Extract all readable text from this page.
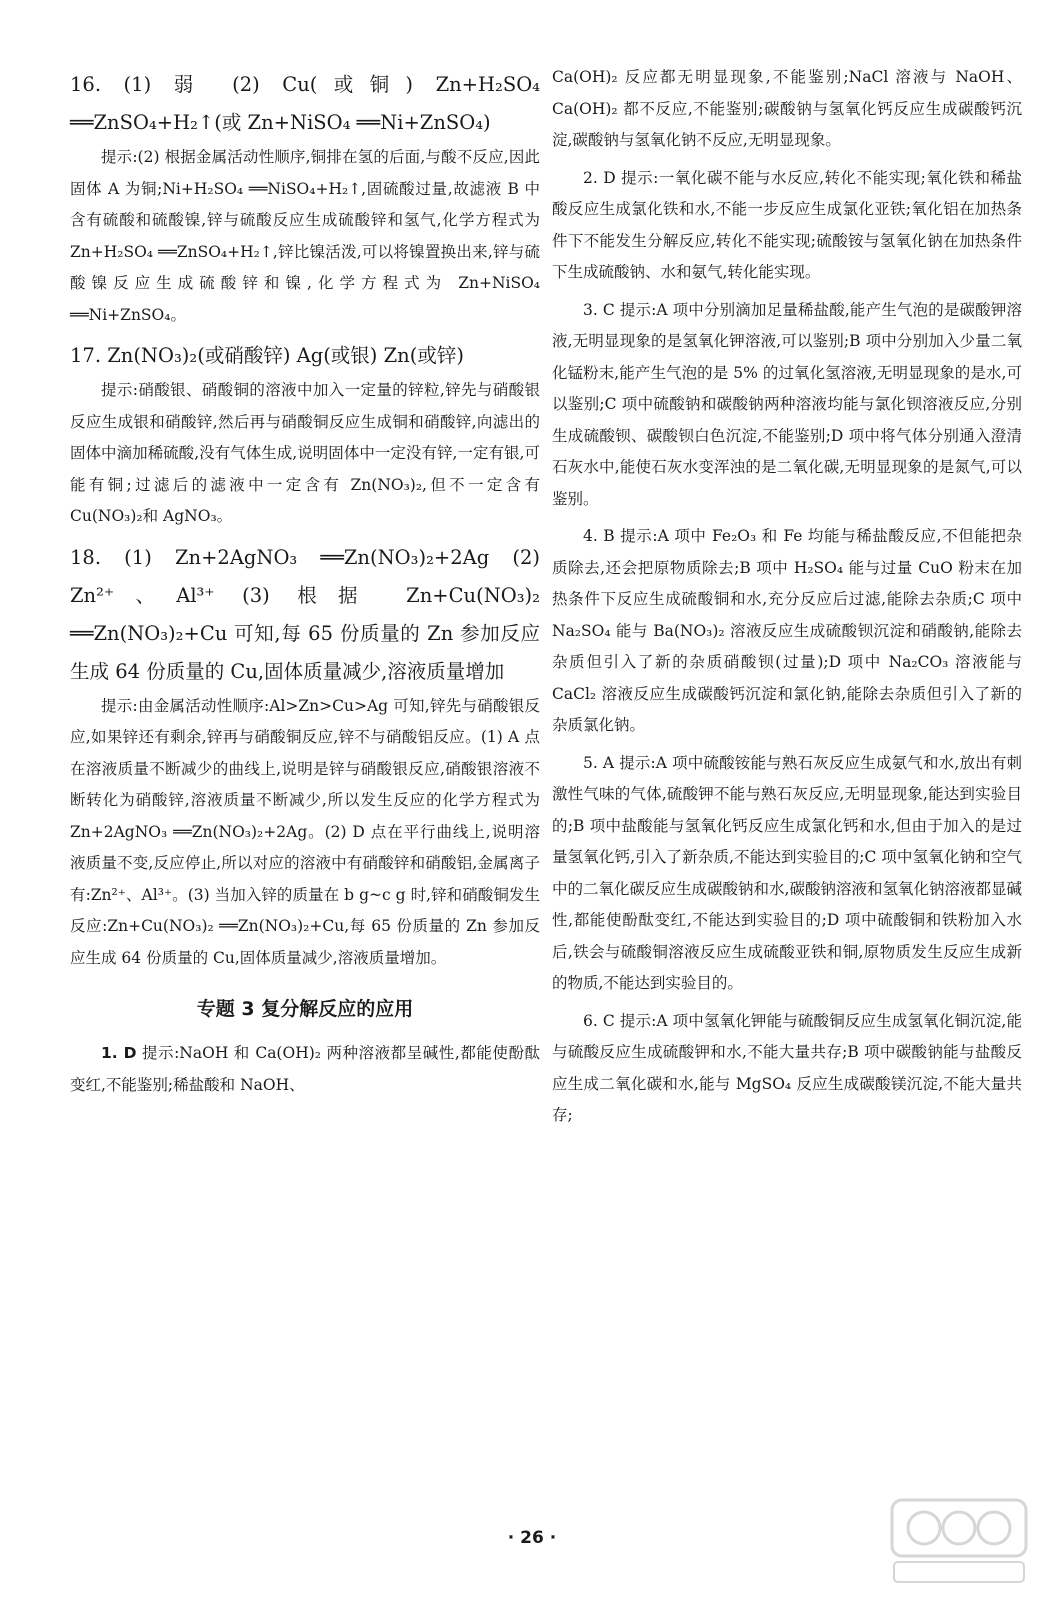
16. (1) 弱 (2) Cu(或铜) Zn+H₂SO₄ ══ZnSO₄+H₂↑(或 Zn+NiSO₄ ══Ni+ZnSO₄)

提示:(2) 根据金属活动性顺序,铜排在氢的后面,与酸不反应,因此固体 A 为铜;Ni+H₂SO₄ ══NiSO₄+H₂↑,固硫酸过量,故滤液 B 中含有硫酸和硫酸镍,锌与硫酸反应生成硫酸锌和氢气,化学方程式为 Zn+H₂SO₄ ══ZnSO₄+H₂↑,锌比镍活泼,可以将镍置换出来,锌与硫酸镍反应生成硫酸锌和镍,化学方程式为 Zn+NiSO₄ ══Ni+ZnSO₄。

17. Zn(NO₃)₂(或硝酸锌) Ag(或银) Zn(或锌)

提示:硝酸银、硝酸铜的溶液中加入一定量的锌粒,锌先与硝酸银反应生成银和硝酸锌,然后再与硝酸铜反应生成铜和硝酸锌,向滤出的固体中滴加稀硫酸,没有气体生成,说明固体中一定没有锌,一定有银,可能有铜;过滤后的滤液中一定含有 Zn(NO₃)₂,但不一定含有 Cu(NO₃)₂和 AgNO₃。

18. (1) Zn+2AgNO₃ ══Zn(NO₃)₂+2Ag (2) Zn²⁺、Al³⁺ (3) 根据 Zn+Cu(NO₃)₂ ══Zn(NO₃)₂+Cu 可知,每 65 份质量的 Zn 参加反应生成 64 份质量的 Cu,固体质量减少,溶液质量增加

提示:由金属活动性顺序:Al>Zn>Cu>Ag 可知,锌先与硝酸银反应,如果锌还有剩余,锌再与硝酸铜反应,锌不与硝酸铝反应。(1) A 点在溶液质量不断减少的曲线上,说明是锌与硝酸银反应,硝酸银溶液不断转化为硝酸锌,溶液质量不断减少,所以发生反应的化学方程式为 Zn+2AgNO₃ ══Zn(NO₃)₂+2Ag。(2) D 点在平行曲线上,说明溶液质量不变,反应停止,所以对应的溶液中有硝酸锌和硝酸铝,金属离子有:Zn²⁺、Al³⁺。(3) 当加入锌的质量在 b g~c g 时,锌和硝酸铜发生反应:Zn+Cu(NO₃)₂ ══Zn(NO₃)₂+Cu,每 65 份质量的 Zn 参加反应生成 64 份质量的 Cu,固体质量减少,溶液质量增加。

专题 3 复分解反应的应用

1. D 提示:NaOH 和 Ca(OH)₂ 两种溶液都呈碱性,都能使酚酞变红,不能鉴别;稀盐酸和 NaOH、

Ca(OH)₂ 反应都无明显现象,不能鉴别;NaCl 溶液与 NaOH、Ca(OH)₂ 都不反应,不能鉴别;碳酸钠与氢氧化钙反应生成碳酸钙沉淀,碳酸钠与氢氧化钠不反应,无明显现象。

2. D 提示:一氧化碳不能与水反应,转化不能实现;氧化铁和稀盐酸反应生成氯化铁和水,不能一步反应生成氯化亚铁;氧化铝在加热条件下不能发生分解反应,转化不能实现;硫酸铵与氢氧化钠在加热条件下生成硫酸钠、水和氨气,转化能实现。

3. C 提示:A 项中分别滴加足量稀盐酸,能产生气泡的是碳酸钾溶液,无明显现象的是氢氧化钾溶液,可以鉴别;B 项中分别加入少量二氧化锰粉末,能产生气泡的是 5% 的过氧化氢溶液,无明显现象的是水,可以鉴别;C 项中硫酸钠和碳酸钠两种溶液均能与氯化钡溶液反应,分别生成硫酸钡、碳酸钡白色沉淀,不能鉴别;D 项中将气体分别通入澄清石灰水中,能使石灰水变浑浊的是二氧化碳,无明显现象的是氮气,可以鉴别。

4. B 提示:A 项中 Fe₂O₃ 和 Fe 均能与稀盐酸反应,不但能把杂质除去,还会把原物质除去;B 项中 H₂SO₄ 能与过量 CuO 粉末在加热条件下反应生成硫酸铜和水,充分反应后过滤,能除去杂质;C 项中 Na₂SO₄ 能与 Ba(NO₃)₂ 溶液反应生成硫酸钡沉淀和硝酸钠,能除去杂质但引入了新的杂质硝酸钡(过量);D 项中 Na₂CO₃ 溶液能与 CaCl₂ 溶液反应生成碳酸钙沉淀和氯化钠,能除去杂质但引入了新的杂质氯化钠。

5. A 提示:A 项中硫酸铵能与熟石灰反应生成氨气和水,放出有刺激性气味的气体,硫酸钾不能与熟石灰反应,无明显现象,能达到实验目的;B 项中盐酸能与氢氧化钙反应生成氯化钙和水,但由于加入的是过量氢氧化钙,引入了新杂质,不能达到实验目的;C 项中氢氧化钠和空气中的二氧化碳反应生成碳酸钠和水,碳酸钠溶液和氢氧化钠溶液都显碱性,都能使酚酞变红,不能达到实验目的;D 项中硫酸铜和铁粉加入水后,铁会与硫酸铜溶液反应生成硫酸亚铁和铜,原物质发生反应生成新的物质,不能达到实验目的。

6. C 提示:A 项中氢氧化钾能与硫酸铜反应生成氢氧化铜沉淀,能与硫酸反应生成硫酸钾和水,不能大量共存;B 项中碳酸钠能与盐酸反应生成二氧化碳和水,能与 MgSO₄ 反应生成碳酸镁沉淀,不能大量共存;

· 26 ·
